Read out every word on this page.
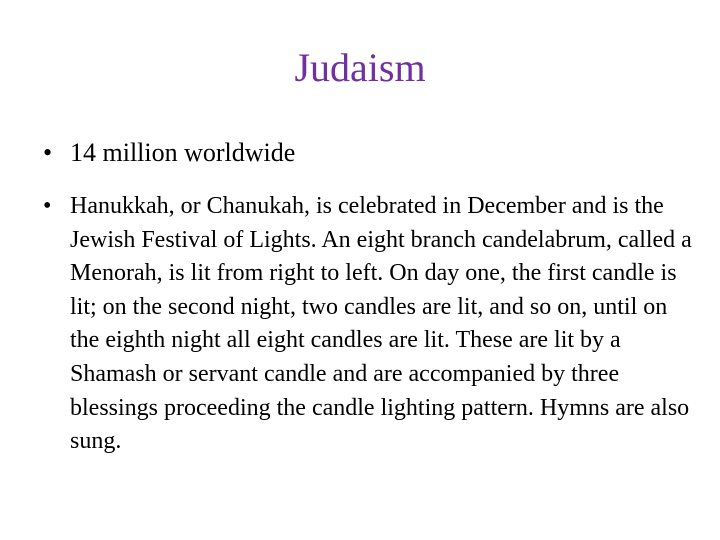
Judaism
• 14 million worldwide
• Hanukkah, or Chanukah, is celebrated in December and is the Jewish Festival of Lights. An eight branch candelabrum, called a Menorah, is lit from right to left. On day one, the first candle is lit; on the second night, two candles are lit, and so on, until on the eighth night all eight candles are lit. These are lit by a Shamash or servant candle and are accompanied by three blessings proceeding the candle lighting pattern. Hymns are also sung.
